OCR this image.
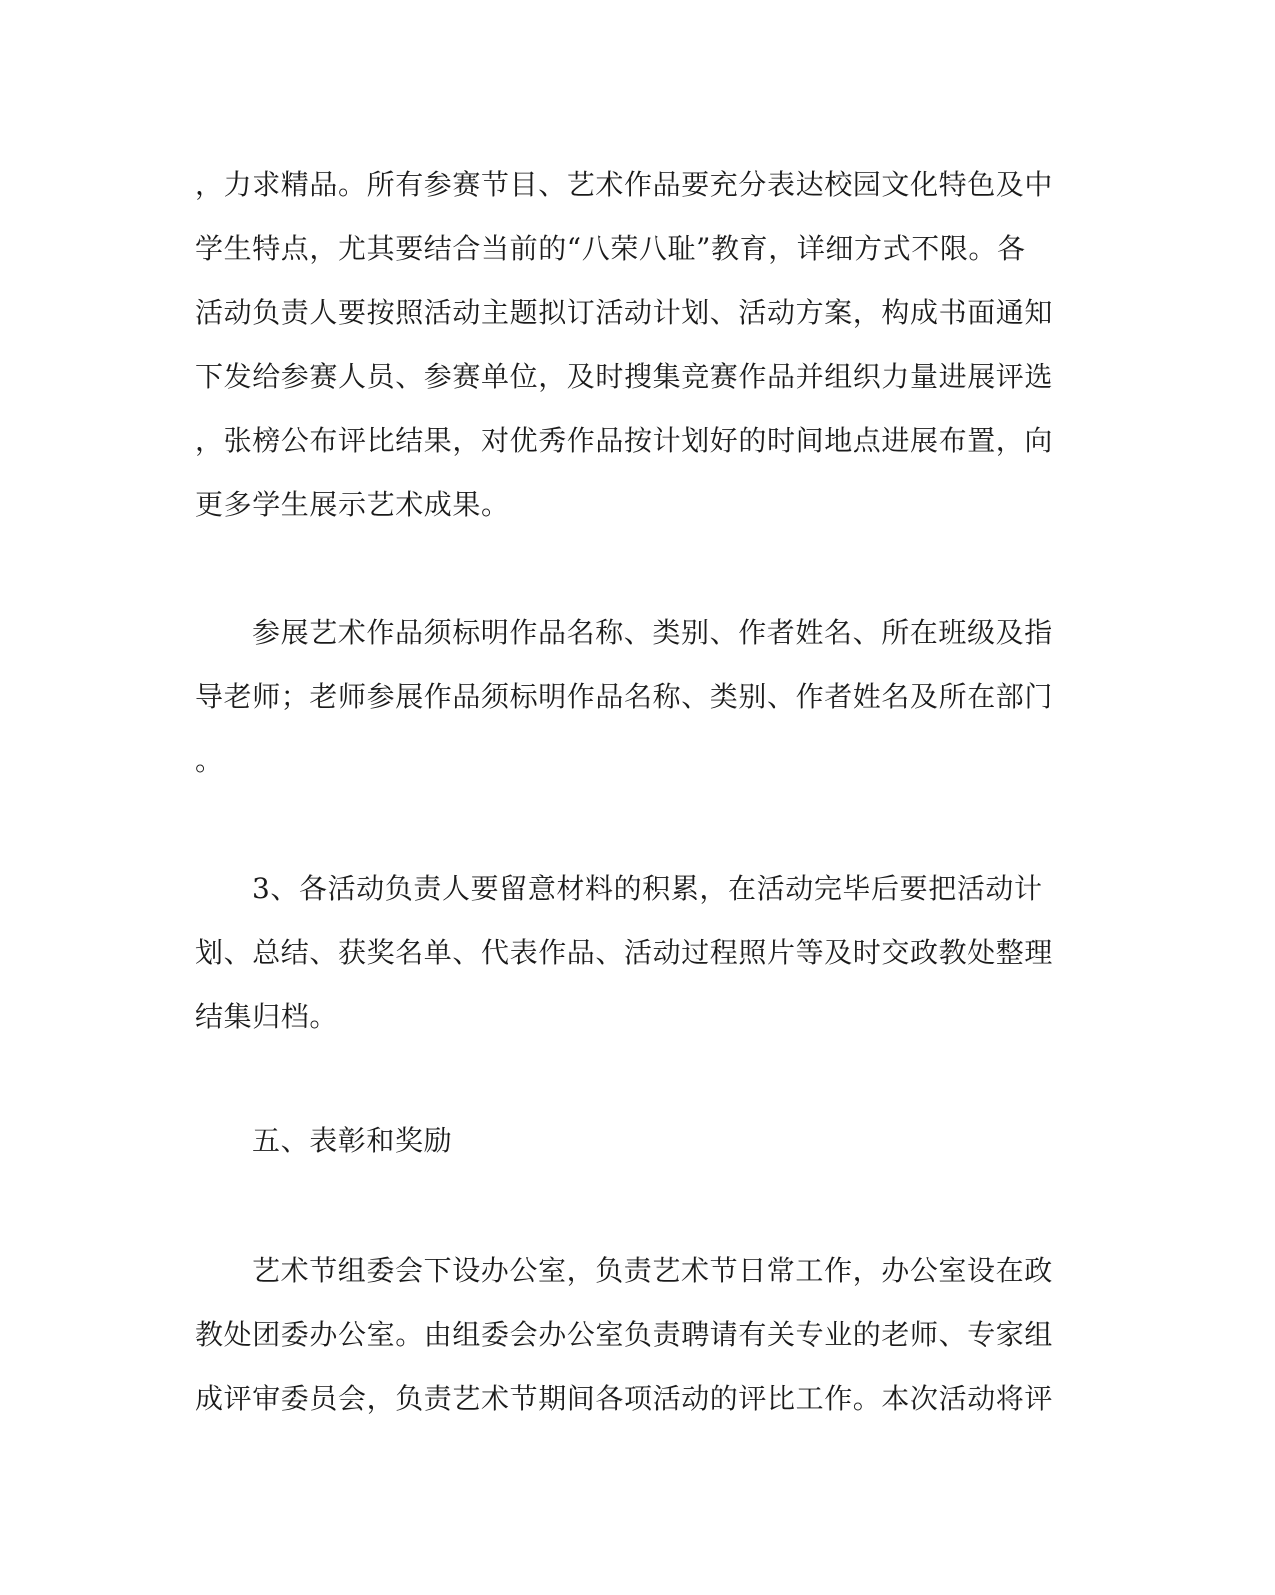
，力求精品。所有参赛节目、艺术作品要充分表达校园文化特色及中
学生特点，尤其要结合当前的“八荣八耻”教育，详细方式不限。各
活动负责人要按照活动主题拟订活动计划、活动方案，构成书面通知
下发给参赛人员、参赛单位，及时搜集竞赛作品并组织力量进展评选
，张榜公布评比结果，对优秀作品按计划好的时间地点进展布置，向
更多学生展示艺术成果。
参展艺术作品须标明作品名称、类别、作者姓名、所在班级及指
导老师；老师参展作品须标明作品名称、类别、作者姓名及所在部门
。
3、各活动负责人要留意材料的积累，在活动完毕后要把活动计
划、总结、获奖名单、代表作品、活动过程照片等及时交政教处整理
结集归档。
五、表彰和奖励
艺术节组委会下设办公室，负责艺术节日常工作，办公室设在政
教处团委办公室。由组委会办公室负责聘请有关专业的老师、专家组
成评审委员会，负责艺术节期间各项活动的评比工作。本次活动将评
